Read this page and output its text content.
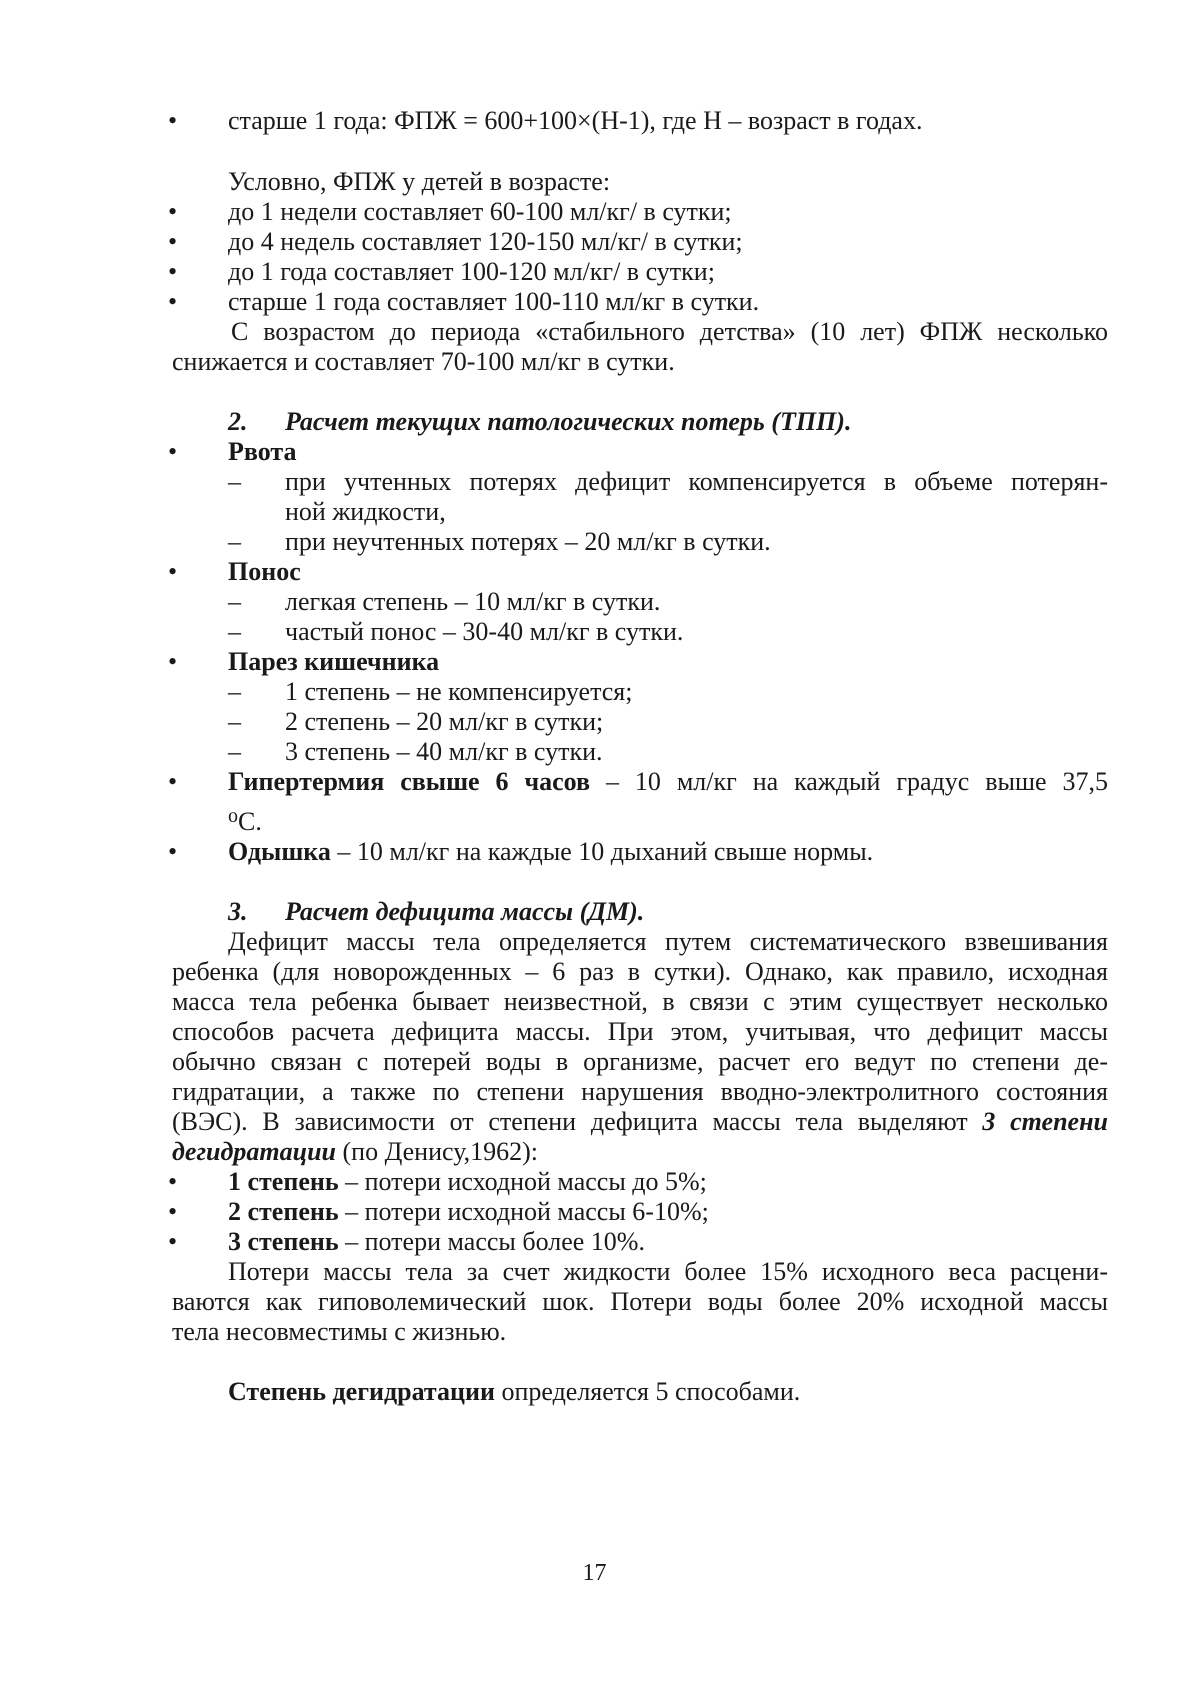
• старше 1 года: ФПЖ = 600+100×(Н-1), где Н – возраст в годах.
Условно, ФПЖ у детей в возрасте:
• до 1 недели составляет 60-100 мл/кг/ в сутки;
• до 4 недель составляет 120-150 мл/кг/ в сутки;
• до 1 года составляет 100-120 мл/кг/ в сутки;
• старше 1 года составляет 100-110 мл/кг в сутки.
С возрастом до периода «стабильного детства» (10 лет) ФПЖ несколько
снижается и составляет 70-100 мл/кг в сутки.
2. Расчет текущих патологических потерь (ТПП).
• Рвота
– при учтенных потерях дефицит компенсируется в объеме потерян-
ной жидкости,
– при неучтенных потерях – 20 мл/кг в сутки.
• Понос
– легкая степень – 10 мл/кг в сутки.
– частый понос – 30-40 мл/кг в сутки.
• Парез кишечника
– 1 степень – не компенсируется;
– 2 степень – 20 мл/кг в сутки;
– 3 степень – 40 мл/кг в сутки.
• Гипертермия свыше 6 часов – 10 мл/кг на каждый градус выше 37,5
$^о$С.
• Одышка – 10 мл/кг на каждые 10 дыханий свыше нормы.
3. Расчет дефицита массы (ДМ).
Дефицит массы тела определяется путем систематического взвешивания
ребенка (для новорожденных – 6 раз в сутки). Однако, как правило, исходная
масса тела ребенка бывает неизвестной, в связи с этим существует несколько
способов расчета дефицита массы. При этом, учитывая, что дефицит массы
обычно связан с потерей воды в организме, расчет его ведут по степени де-
гидратации, а также по степени нарушения вводно-электролитного состояния
(ВЭС). В зависимости от степени дефицита массы тела выделяют 3 степени
дегидратации (по Денису,1962):
• 1 степень – потери исходной массы до 5%;
• 2 степень – потери исходной массы 6-10%;
• 3 степень – потери массы более 10%.
Потери массы тела за счет жидкости более 15% исходного веса расцени-
ваются как гиповолемический шок. Потери воды более 20% исходной массы
тела несовместимы с жизнью.
Степень дегидратации определяется 5 способами.
17
